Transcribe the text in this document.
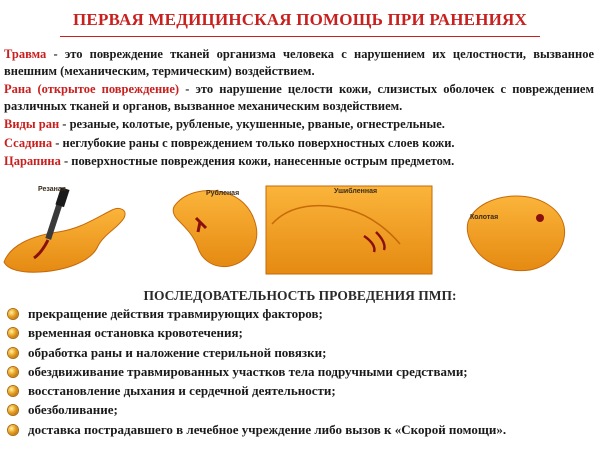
ПЕРВАЯ МЕДИЦИНСКАЯ ПОМОЩЬ ПРИ РАНЕНИЯХ

Травма - это повреждение тканей организма человека с нарушением их целостности, вызванное внешним (механическим, термическим) воздействием.

Рана (открытое повреждение) - это нарушение целости кожи, слизистых оболочек с повреждением различных тканей и органов, вызванное механическим воздействием.

Виды ран - резаные, колотые, рубленые, укушенные, рваные, огнестрельные.

Ссадина - неглубокие раны с повреждением только поверхностных слоев кожи.

Царапина - поверхностные повреждения кожи, нанесенные острым предметом.

Резаная
Рубленая	Ушибленная
Колотая
ПОСЛЕДОВАТЕЛЬНОСТЬ ПРОВЕДЕНИЯ ПМП:
прекращение действия травмирующих факторов;
временная остановка кровотечения;
обработка раны и наложение стерильной повязки;
обездвиживание травмированных участков тела подручными средствами;
восстановление дыхания и сердечной деятельности;
обезболивание;
доставка пострадавшего в лечебное учреждение либо вызов к «Скорой помощи».
